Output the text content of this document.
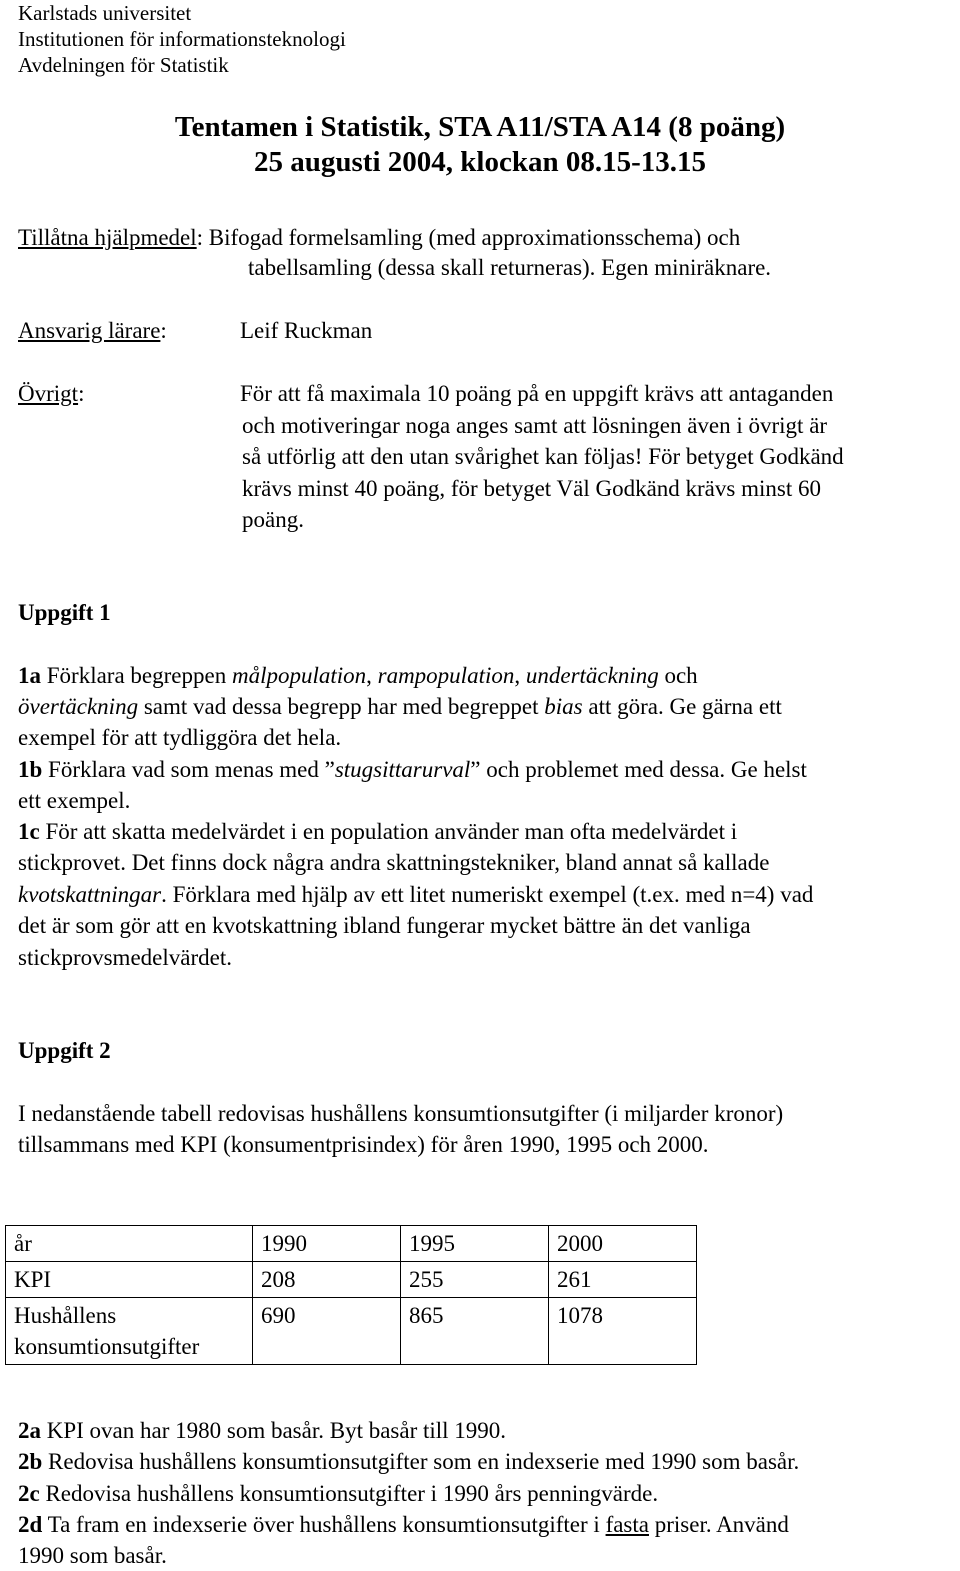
Karlstads universitet
Institutionen för informationsteknologi
Avdelningen för Statistik
Tentamen i Statistik, STA A11/STA A14 (8 poäng)
25 augusti 2004, klockan 08.15-13.15
Tillåtna hjälpmedel: Bifogad formelsamling (med approximationsschema) och
tabellsamling (dessa skall returneras). Egen miniräknare.
Ansvarig lärare:	Leif Ruckman
Övrigt:	För att få maximala 10 poäng på en uppgift krävs att antaganden
och motiveringar noga anges samt att lösningen även i övrigt är
så utförlig att den utan svårighet kan följas! För betyget Godkänd
krävs minst 40 poäng, för betyget Väl Godkänd krävs minst 60
poäng.
Uppgift 1
1a Förklara begreppen målpopulation, rampopulation, undertäckning och
övertäckning samt vad dessa begrepp har med begreppet bias att göra. Ge gärna ett
exempel för att tydliggöra det hela.
1b Förklara vad som menas med ”stugsittarurval” och problemet med dessa. Ge helst
ett exempel.
1c För att skatta medelvärdet i en population använder man ofta medelvärdet i
stickprovet. Det finns dock några andra skattningstekniker, bland annat så kallade
kvotskattningar. Förklara med hjälp av ett litet numeriskt exempel (t.ex. med n=4) vad
det är som gör att en kvotskattning ibland fungerar mycket bättre än det vanliga
stickprovsmedelvärdet.
Uppgift 2
I nedanstående tabell redovisas hushållens konsumtionsutgifter (i miljarder kronor)
tillsammans med KPI (konsumentprisindex) för åren 1990, 1995 och 2000.
år	1990	1995	2000
KPI	208	255	261
Hushållens konsumtionsutgifter	690	865	1078
2a KPI ovan har 1980 som basår. Byt basår till 1990.
2b Redovisa hushållens konsumtionsutgifter som en indexserie med 1990 som basår.
2c Redovisa hushållens konsumtionsutgifter i 1990 års penningvärde.
2d Ta fram en indexserie över hushållens konsumtionsutgifter i fasta priser. Använd
1990 som basår.
